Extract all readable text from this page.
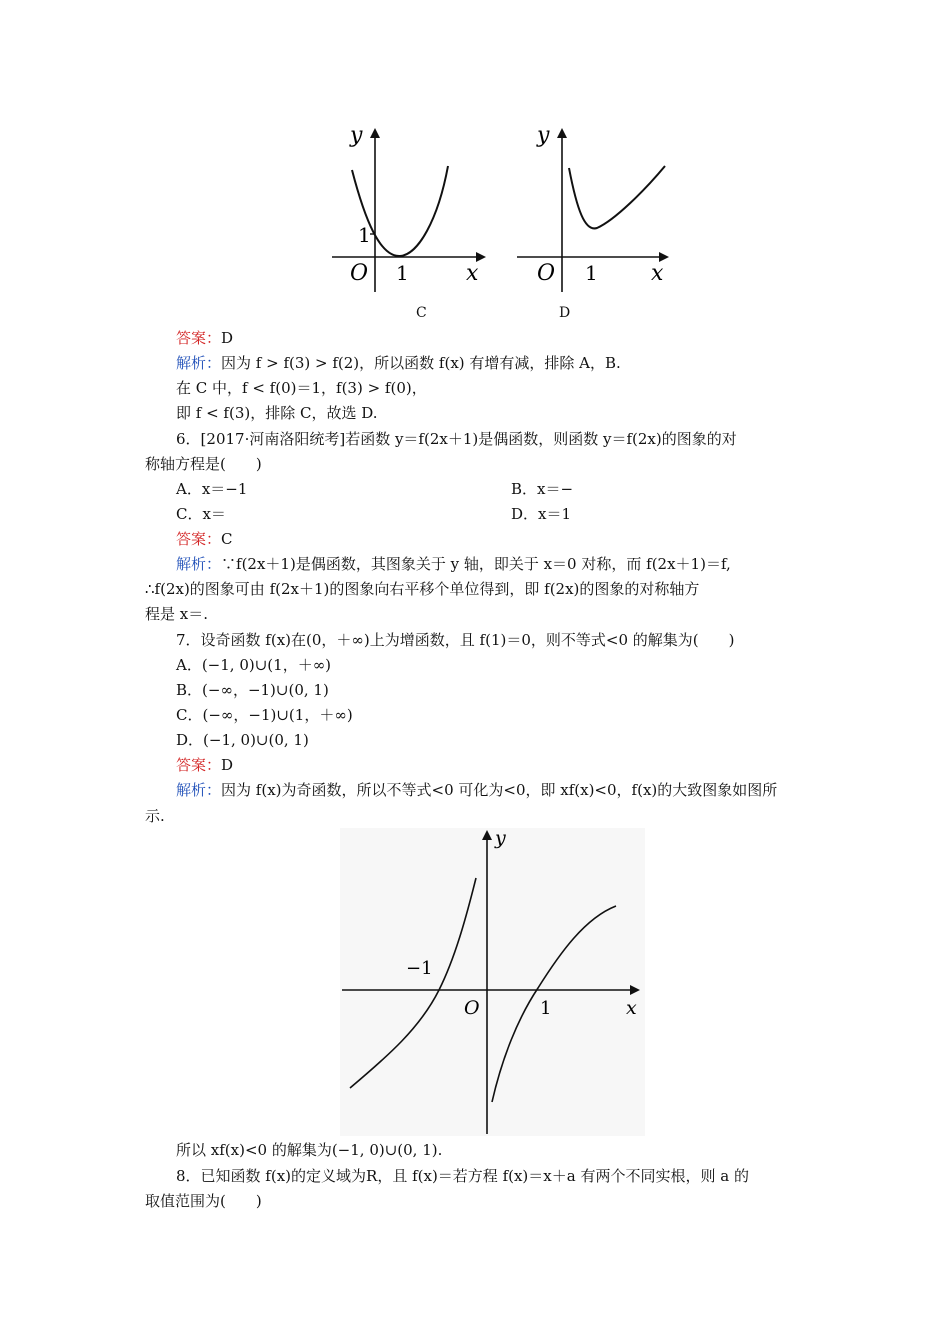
y
x
O 1
1
C
y
x
O 1
D
答案：D
解析：因为 f > f(3) > f(2)，所以函数 f(x) 有增有减，排除 A，B.
在 C 中，f < f(0)＝1，f(3) > f(0)，
即 f < f(3)，排除 C，故选 D.
6．[2017·河南洛阳统考]若函数 y＝f(2x＋1)是偶函数，则函数 y＝f(2x)的图象的对
称轴方程是(　　)
A．x＝−1	B．x＝−
C．x＝	D．x＝1
答案：C
解析：∵f(2x＋1)是偶函数，其图象关于 y 轴，即关于 x＝0 对称，而 f(2x＋1)＝f,
∴f(2x)的图象可由 f(2x＋1)的图象向右平移个单位得到，即 f(2x)的图象的对称轴方
程是 x＝.
7．设奇函数 f(x)在(0，＋∞)上为增函数，且 f(1)＝0，则不等式<0 的解集为(　　)
A．(−1, 0)∪(1，＋∞)
B．(−∞，−1)∪(0, 1)
C．(−∞，−1)∪(1，＋∞)
D．(−1, 0)∪(0, 1)
答案：D
解析：因为 f(x)为奇函数，所以不等式<0 可化为<0，即 xf(x)<0，f(x)的大致图象如图所
示.
y
x
O
−1
1
所以 xf(x)<0 的解集为(−1, 0)∪(0, 1).
8．已知函数 f(x)的定义域为R，且 f(x)＝若方程 f(x)＝x＋a 有两个不同实根，则 a 的
取值范围为(　　)
